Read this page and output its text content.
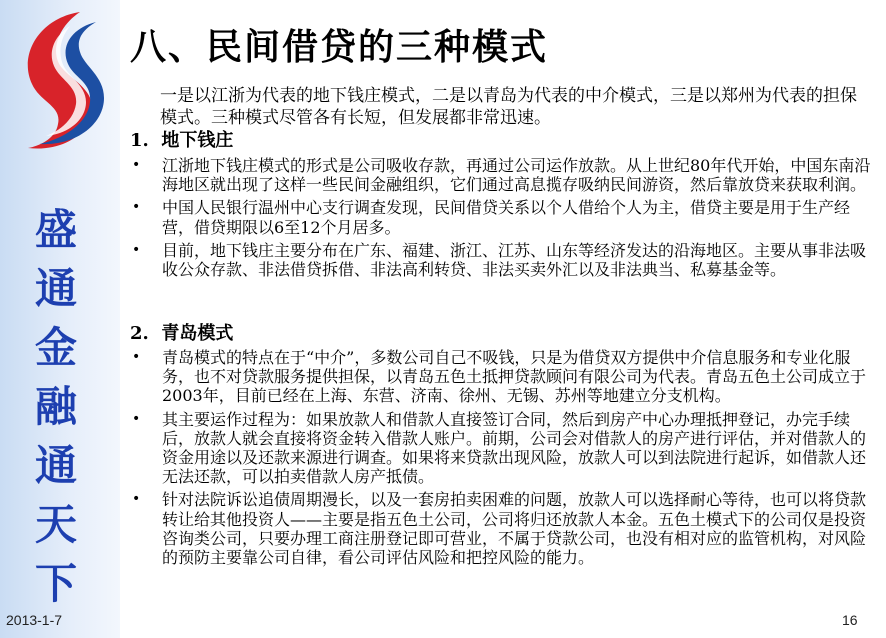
盛
通
金
融
通
天
下
2013-1-7
八、民间借贷的三种模式

一是以江浙为代表的地下钱庄模式，二是以青岛为代表的中介模式，三是以郑州为代表的担保模式。三种模式尽管各有长短，但发展都非常迅速。

1. 地下钱庄
• 江浙地下钱庄模式的形式是公司吸收存款，再通过公司运作放款。从上世纪80年代开始，中国东南沿海地区就出现了这样一些民间金融组织，它们通过高息揽存吸纳民间游资，然后靠放贷来获取利润。
• 中国人民银行温州中心支行调查发现，民间借贷关系以个人借给个人为主，借贷主要是用于生产经营，借贷期限以6至12个月居多。
• 目前，地下钱庄主要分布在广东、福建、浙江、江苏、山东等经济发达的沿海地区。主要从事非法吸收公众存款、非法借贷拆借、非法高利转贷、非法买卖外汇以及非法典当、私募基金等。
2. 青岛模式
• 青岛模式的特点在于“中介”，多数公司自己不吸钱，只是为借贷双方提供中介信息服务和专业化服务，也不对贷款服务提供担保，以青岛五色土抵押贷款顾问有限公司为代表。青岛五色土公司成立于2003年，目前已经在上海、东营、济南、徐州、无锡、苏州等地建立分支机构。
• 其主要运作过程为：如果放款人和借款人直接签订合同，然后到房产中心办理抵押登记，办完手续后，放款人就会直接将资金转入借款人账户。前期，公司会对借款人的房产进行评估，并对借款人的资金用途以及还款来源进行调查。如果将来贷款出现风险，放款人可以到法院进行起诉，如借款人还无法还款，可以拍卖借款人房产抵债。
• 针对法院诉讼追债周期漫长，以及一套房拍卖困难的问题，放款人可以选择耐心等待，也可以将贷款转让给其他投资人——主要是指五色土公司，公司将归还放款人本金。五色土模式下的公司仅是投资咨询类公司，只要办理工商注册登记即可营业，不属于贷款公司，也没有相对应的监管机构，对风险的预防主要靠公司自律，看公司评估风险和把控风险的能力。
16
